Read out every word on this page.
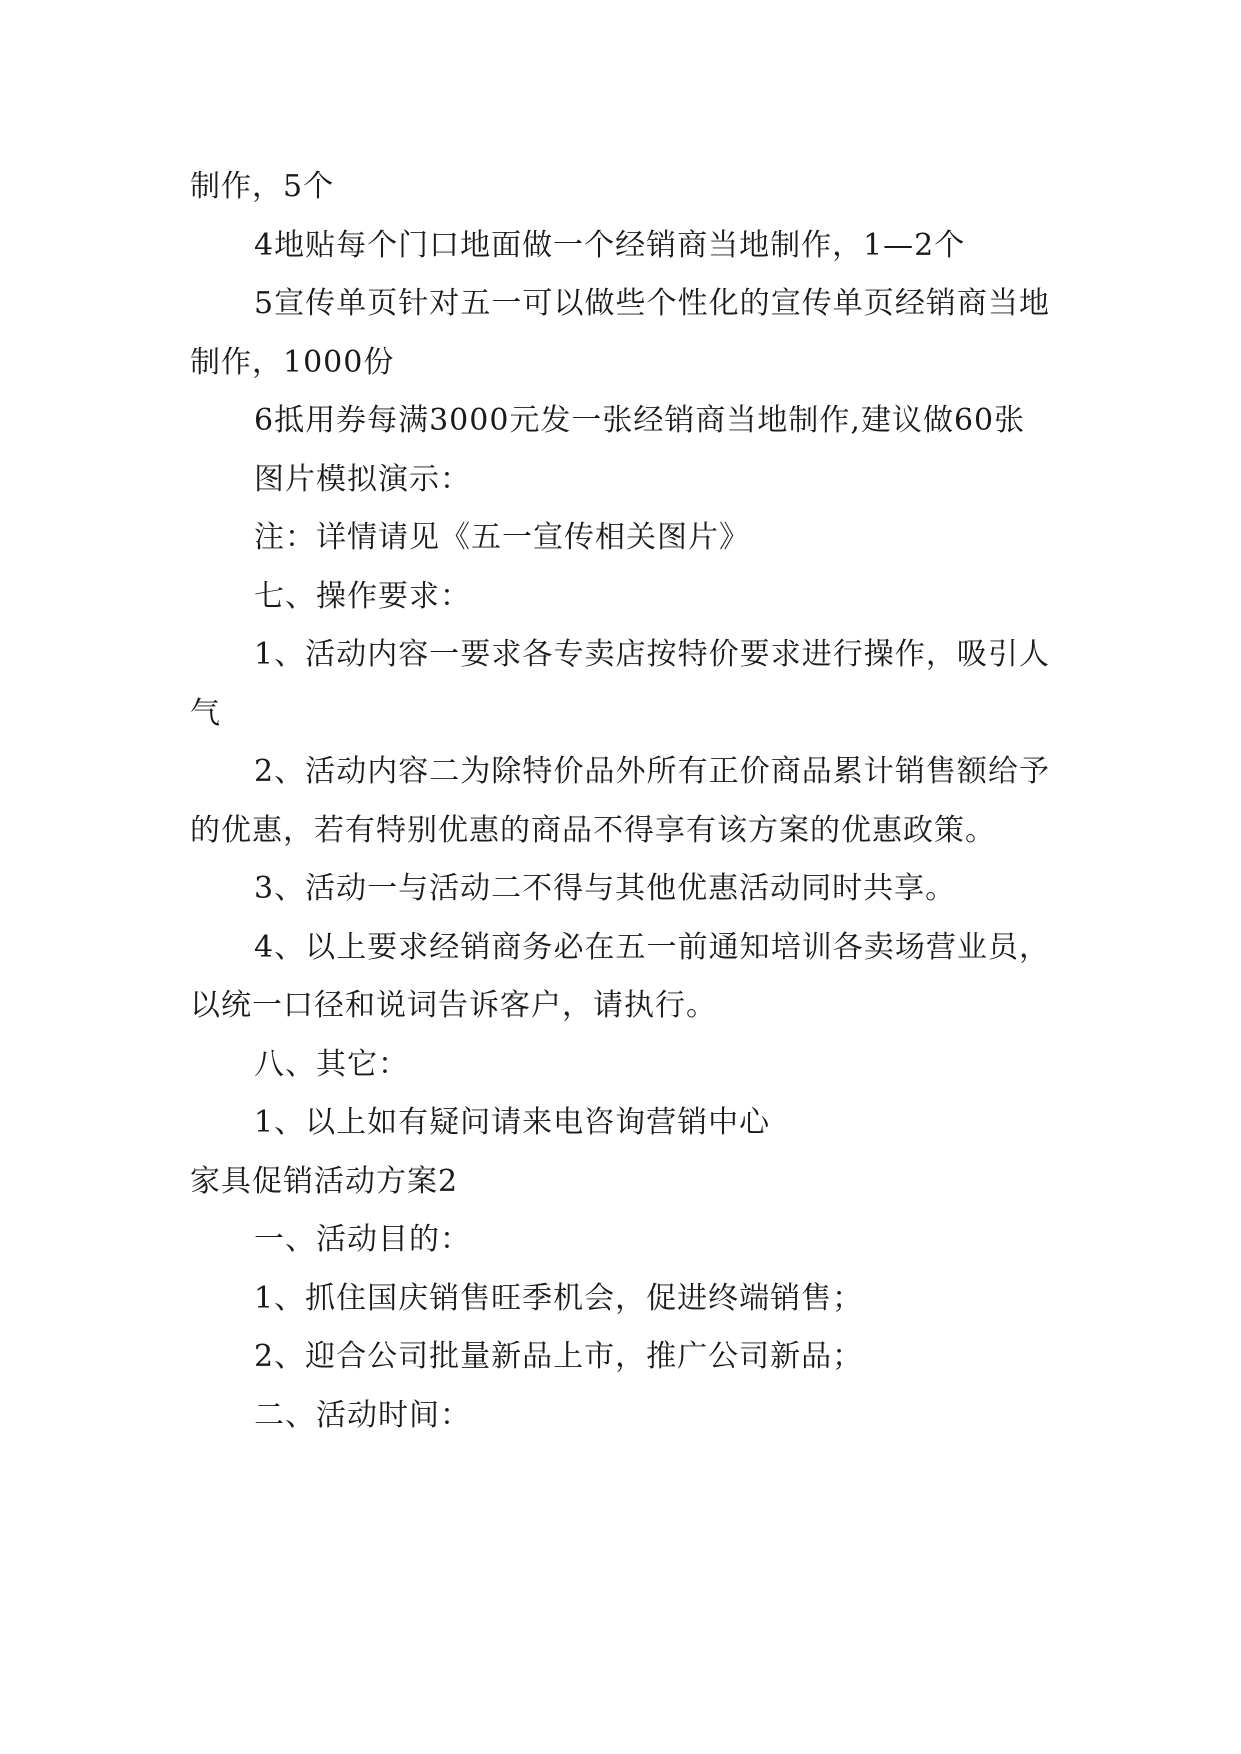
制作，5个

4地贴每个门口地面做一个经销商当地制作，1—2个

5宣传单页针对五一可以做些个性化的宣传单页经销商当地制作，1000份

6抵用券每满3000元发一张经销商当地制作,建议做60张

图片模拟演示：

注：详情请见《五一宣传相关图片》

七、操作要求：

1、活动内容一要求各专卖店按特价要求进行操作，吸引人气

2、活动内容二为除特价品外所有正价商品累计销售额给予的优惠，若有特别优惠的商品不得享有该方案的优惠政策。

3、活动一与活动二不得与其他优惠活动同时共享。

4、以上要求经销商务必在五一前通知培训各卖场营业员，以统一口径和说词告诉客户，请执行。

八、其它：

1、以上如有疑问请来电咨询营销中心

家具促销活动方案2

一、活动目的：

1、抓住国庆销售旺季机会，促进终端销售；

2、迎合公司批量新品上市，推广公司新品；

二、活动时间：
